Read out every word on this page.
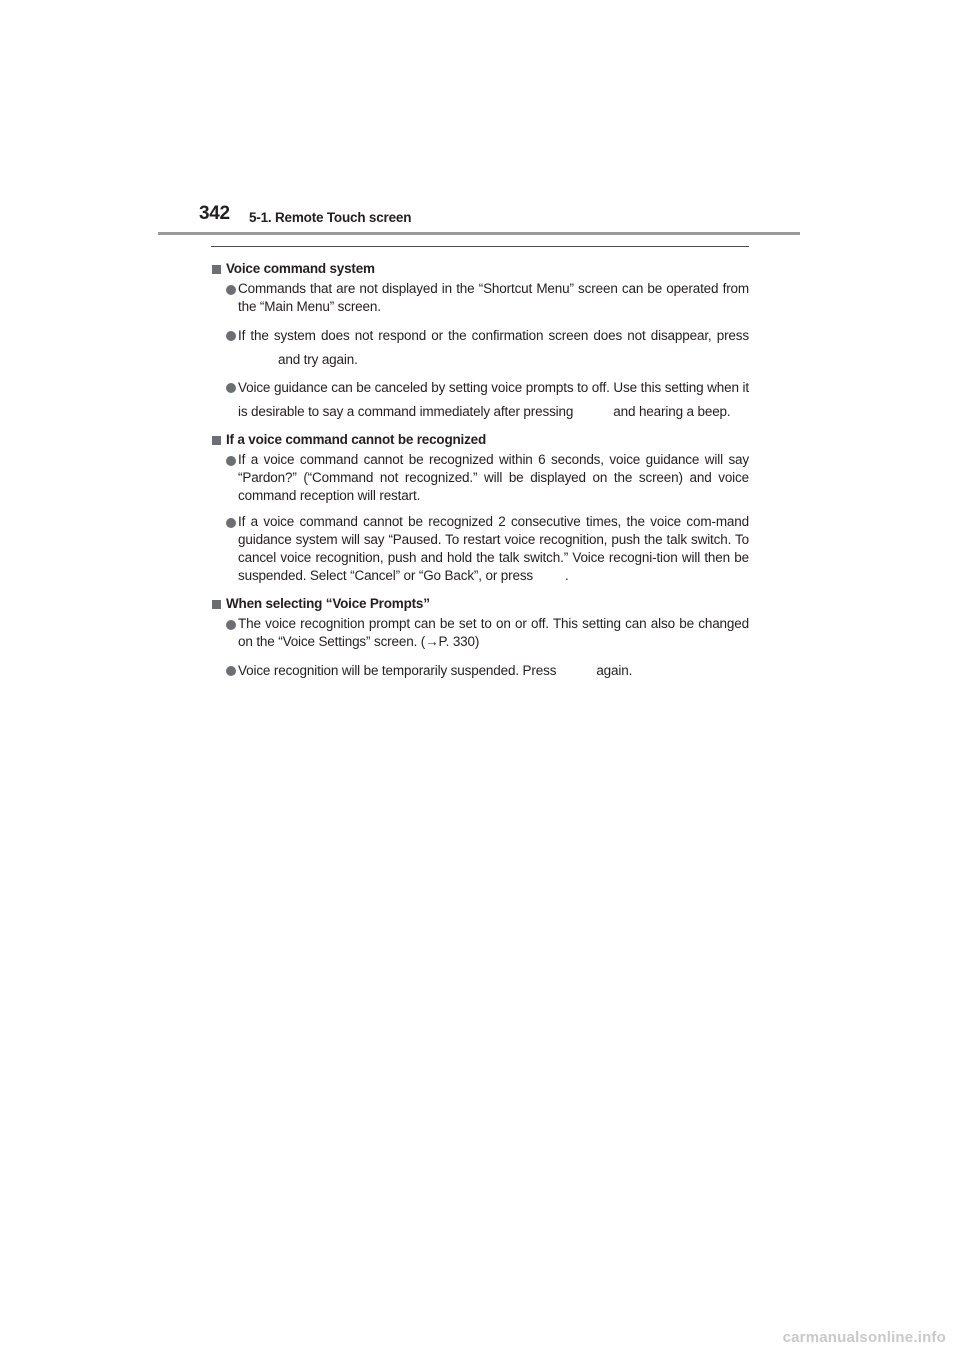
342 5-1. Remote Touch screen
Voice command system
Commands that are not displayed in the “Shortcut Menu” screen can be operated from the “Main Menu” screen.
If the system does not respond or the confirmation screen does not disappear, pressand try again.
Voice guidance can be canceled by setting voice prompts to off. Use this setting when it is desirable to say a command immediately after pressing	and hearing a beep.
If a voice command cannot be recognized
If a voice command cannot be recognized within 6 seconds, voice guidance will say “Pardon?” (“Command not recognized.” will be displayed on the screen) and voice command reception will restart.
If a voice command cannot be recognized 2 consecutive times, the voice com-mand guidance system will say “Paused. To restart voice recognition, push the talk switch. To cancel voice recognition, push and hold the talk switch.” Voice recogni-tion will then be suspended. Select “Cancel” or “Go Back”, or press .
When selecting “Voice Prompts”
The voice recognition prompt can be set to on or off. This setting can also be changed on the “Voice Settings” screen. (→P. 330)
Voice recognition will be temporarily suspended. Press	again.
carmanualsonline.info
